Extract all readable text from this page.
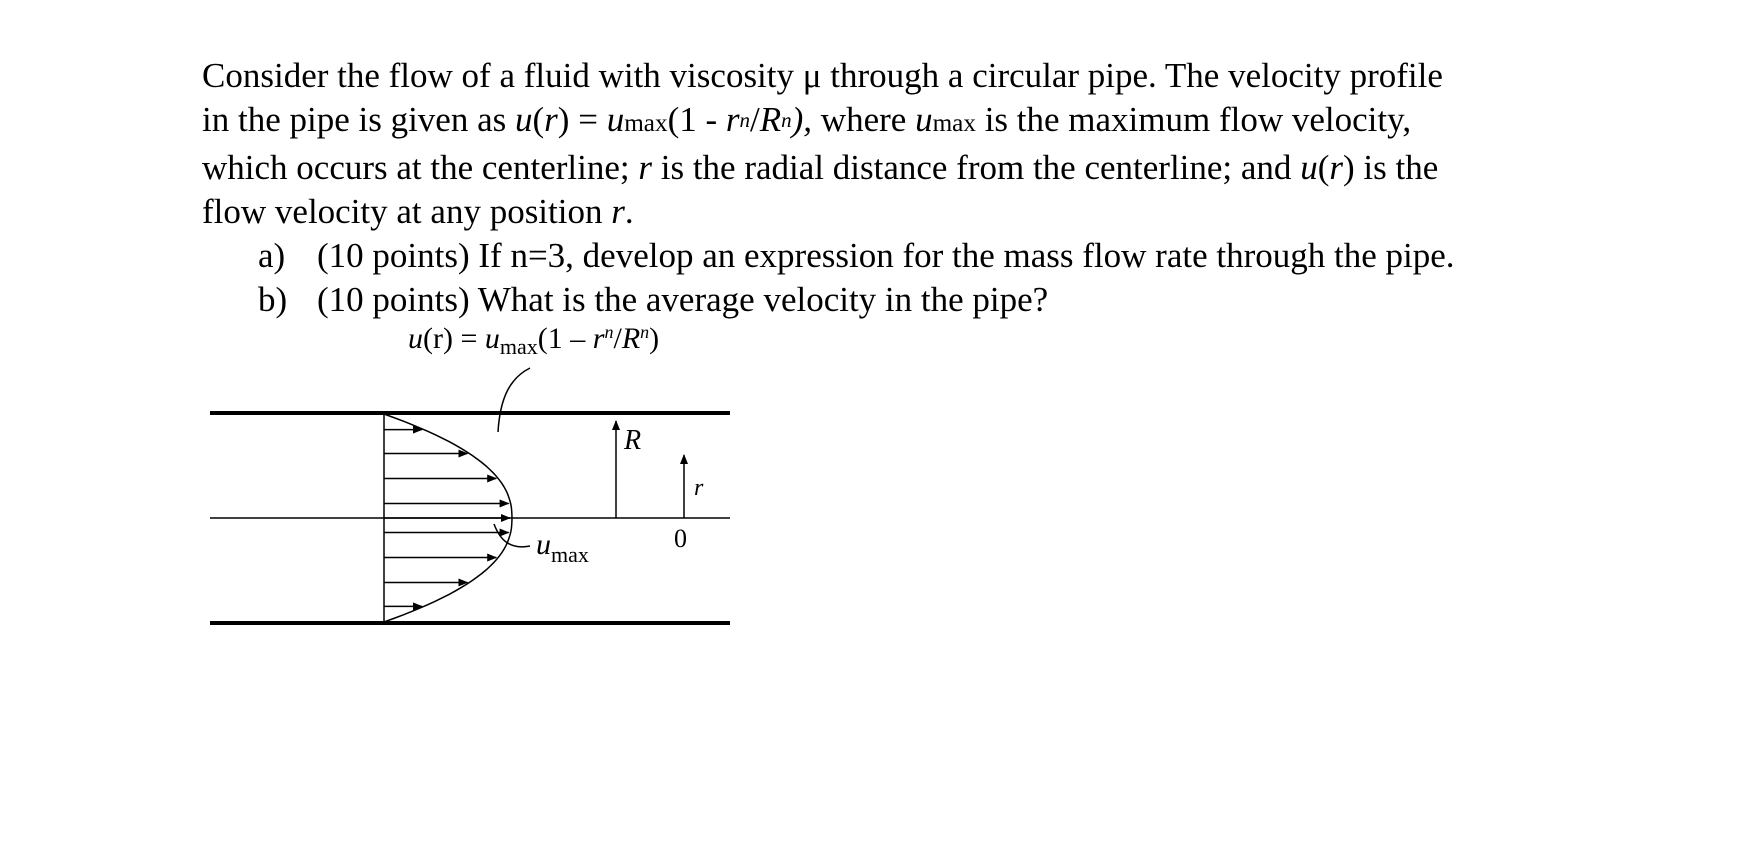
Consider the flow of a fluid with viscosity μ through a circular pipe. The velocity profile
in the pipe is given as $u(r) = umax(1 - r^n/R^n)$, where umax is the maximum flow velocity,
which occurs at the centerline; r is the radial distance from the centerline; and u(r) is the
flow velocity at any position r.
a) (10 points) If n=3, develop an expression for the mass flow rate through the pipe.
b) (10 points) What is the average velocity in the pipe?
$u(r) = u_{max}(1 - r^n/R^n)$
R
r
0
$u_{max}$
